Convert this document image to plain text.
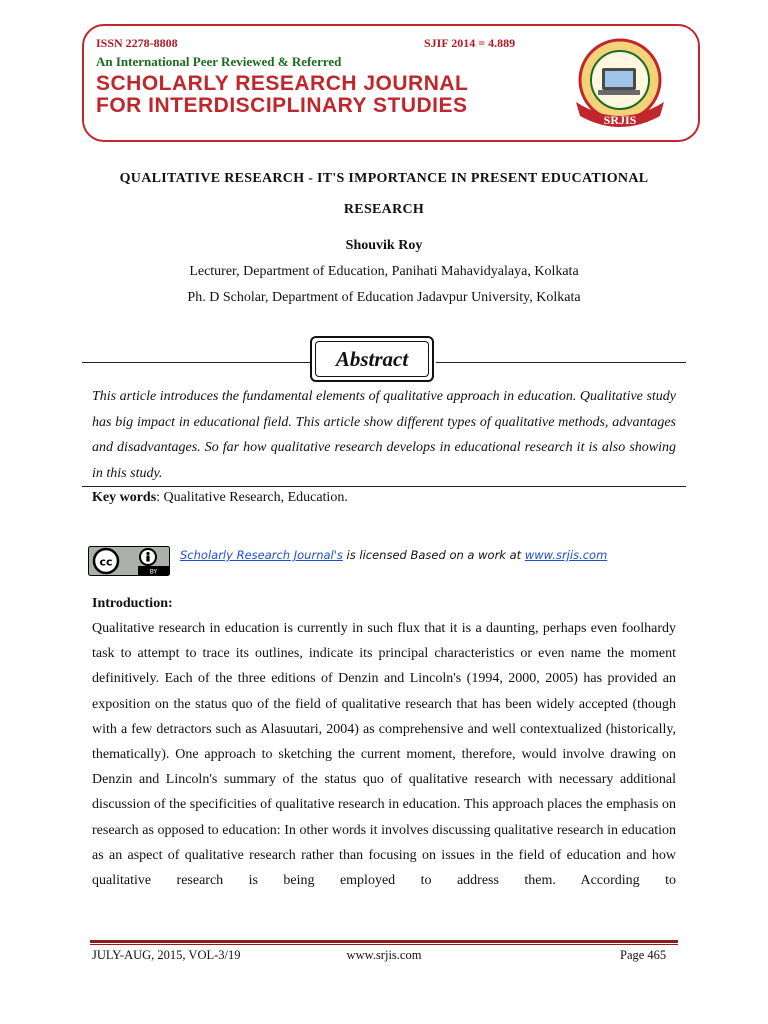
ISSN 2278-8808	SJIF 2014 = 4.889
An International Peer Reviewed & Referred
SCHOLARLY RESEARCH JOURNAL
FOR INTERDISCIPLINARY STUDIES
SRJIS
QUALITATIVE RESEARCH - IT'S IMPORTANCE IN PRESENT EDUCATIONAL RESEARCH
Shouvik Roy
Lecturer, Department of Education, Panihati Mahavidyalaya, Kolkata
Ph. D Scholar, Department of Education Jadavpur University, Kolkata
Abstract
This article introduces the fundamental elements of qualitative approach in education. Qualitative study has big impact in educational field. This article show different types of qualitative methods, advantages and disadvantages. So far how qualitative research develops in educational research it is also showing in this study.
Key words: Qualitative Research, Education.
cc
BY
Scholarly Research Journal's is licensed Based on a work at www.srjis.com
Introduction:
Qualitative research in education is currently in such flux that it is a daunting, perhaps even foolhardy task to attempt to trace its outlines, indicate its principal characteristics or even name the moment definitively. Each of the three editions of Denzin and Lincoln's (1994, 2000, 2005) has provided an exposition on the status quo of the field of qualitative research that has been widely accepted (though with a few detractors such as Alasuutari, 2004) as comprehensive and well contextualized (historically, thematically). One approach to sketching the current moment, therefore, would involve drawing on Denzin and Lincoln's summary of the status quo of qualitative research with necessary additional discussion of the specificities of qualitative research in education. This approach places the emphasis on research as opposed to education: In other words it involves discussing qualitative research in education as an aspect of qualitative research rather than focusing on issues in the field of education and how qualitative research is being employed to address them. According to
JULY-AUG, 2015, VOL-3/19	www.srjis.com	Page 465
